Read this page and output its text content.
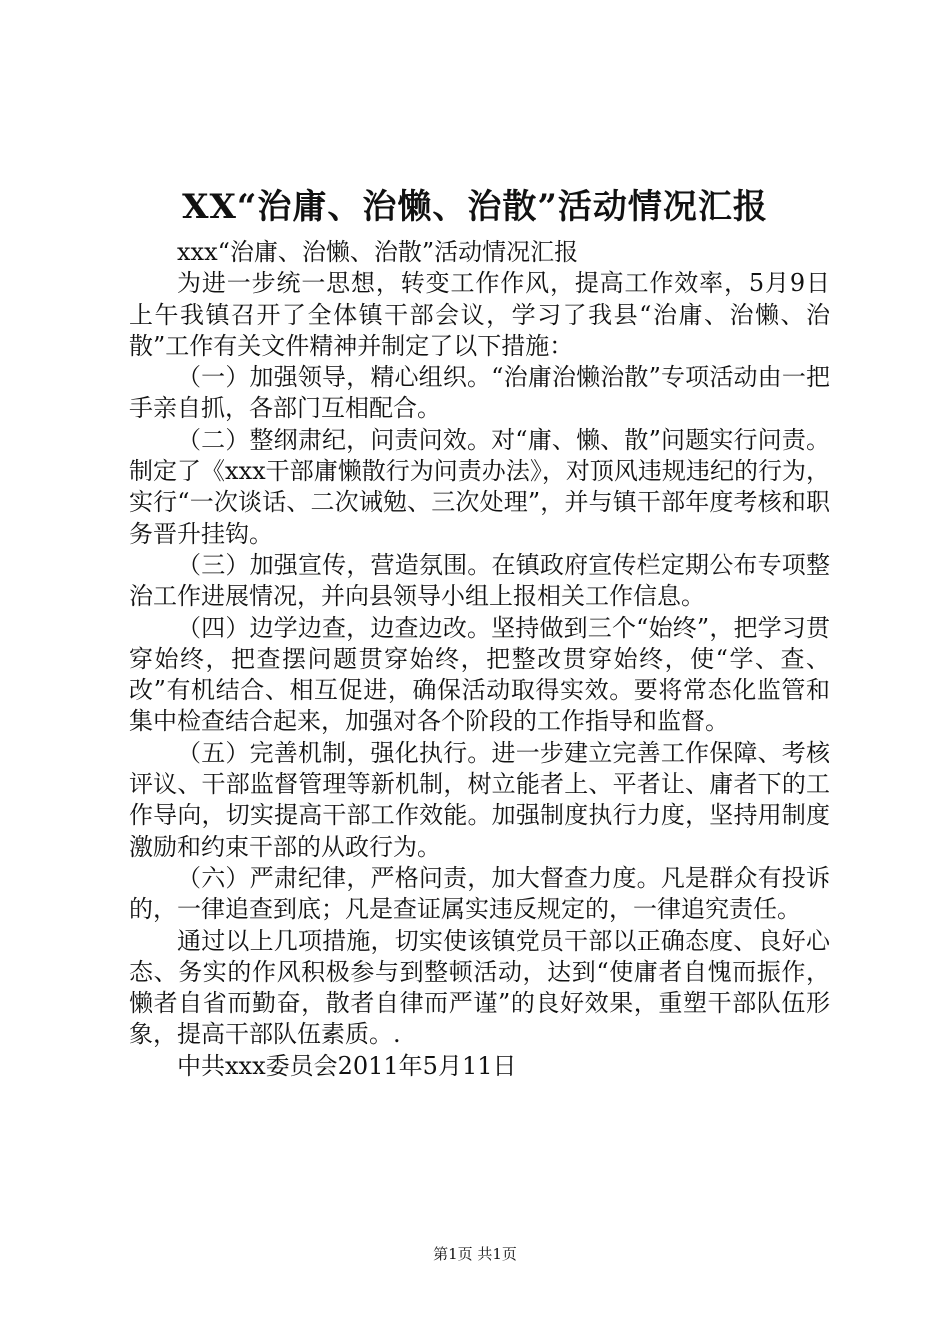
XX“治庸、治懒、治散”活动情况汇报

xxx“治庸、治懒、治散”活动情况汇报

为进一步统一思想，转变工作作风，提高工作效率，5月9日上午我镇召开了全体镇干部会议，学习了我县“治庸、治懒、治散”工作有关文件精神并制定了以下措施：

（一）加强领导，精心组织。“治庸治懒治散”专项活动由一把手亲自抓，各部门互相配合。

（二）整纲肃纪，问责问效。对“庸、懒、散”问题实行问责。制定了《xxx干部庸懒散行为问责办法》，对顶风违规违纪的行为，实行“一次谈话、二次诫勉、三次处理”，并与镇干部年度考核和职务晋升挂钩。

（三）加强宣传，营造氛围。在镇政府宣传栏定期公布专项整治工作进展情况，并向县领导小组上报相关工作信息。

（四）边学边查，边查边改。坚持做到三个“始终”，把学习贯穿始终，把查摆问题贯穿始终，把整改贯穿始终，使“学、查、改”有机结合、相互促进，确保活动取得实效。要将常态化监管和集中检查结合起来，加强对各个阶段的工作指导和监督。

（五）完善机制，强化执行。进一步建立完善工作保障、考核评议、干部监督管理等新机制，树立能者上、平者让、庸者下的工作导向，切实提高干部工作效能。加强制度执行力度，坚持用制度激励和约束干部的从政行为。

（六）严肃纪律，严格问责，加大督查力度。凡是群众有投诉的，一律追查到底；凡是查证属实违反规定的，一律追究责任。

通过以上几项措施，切实使该镇党员干部以正确态度、良好心态、务实的作风积极参与到整顿活动，达到“使庸者自愧而振作，懒者自省而勤奋，散者自律而严谨”的良好效果，重塑干部队伍形象，提高干部队伍素质。.

中共xxx委员会2011年5月11日

第1页 共1页
